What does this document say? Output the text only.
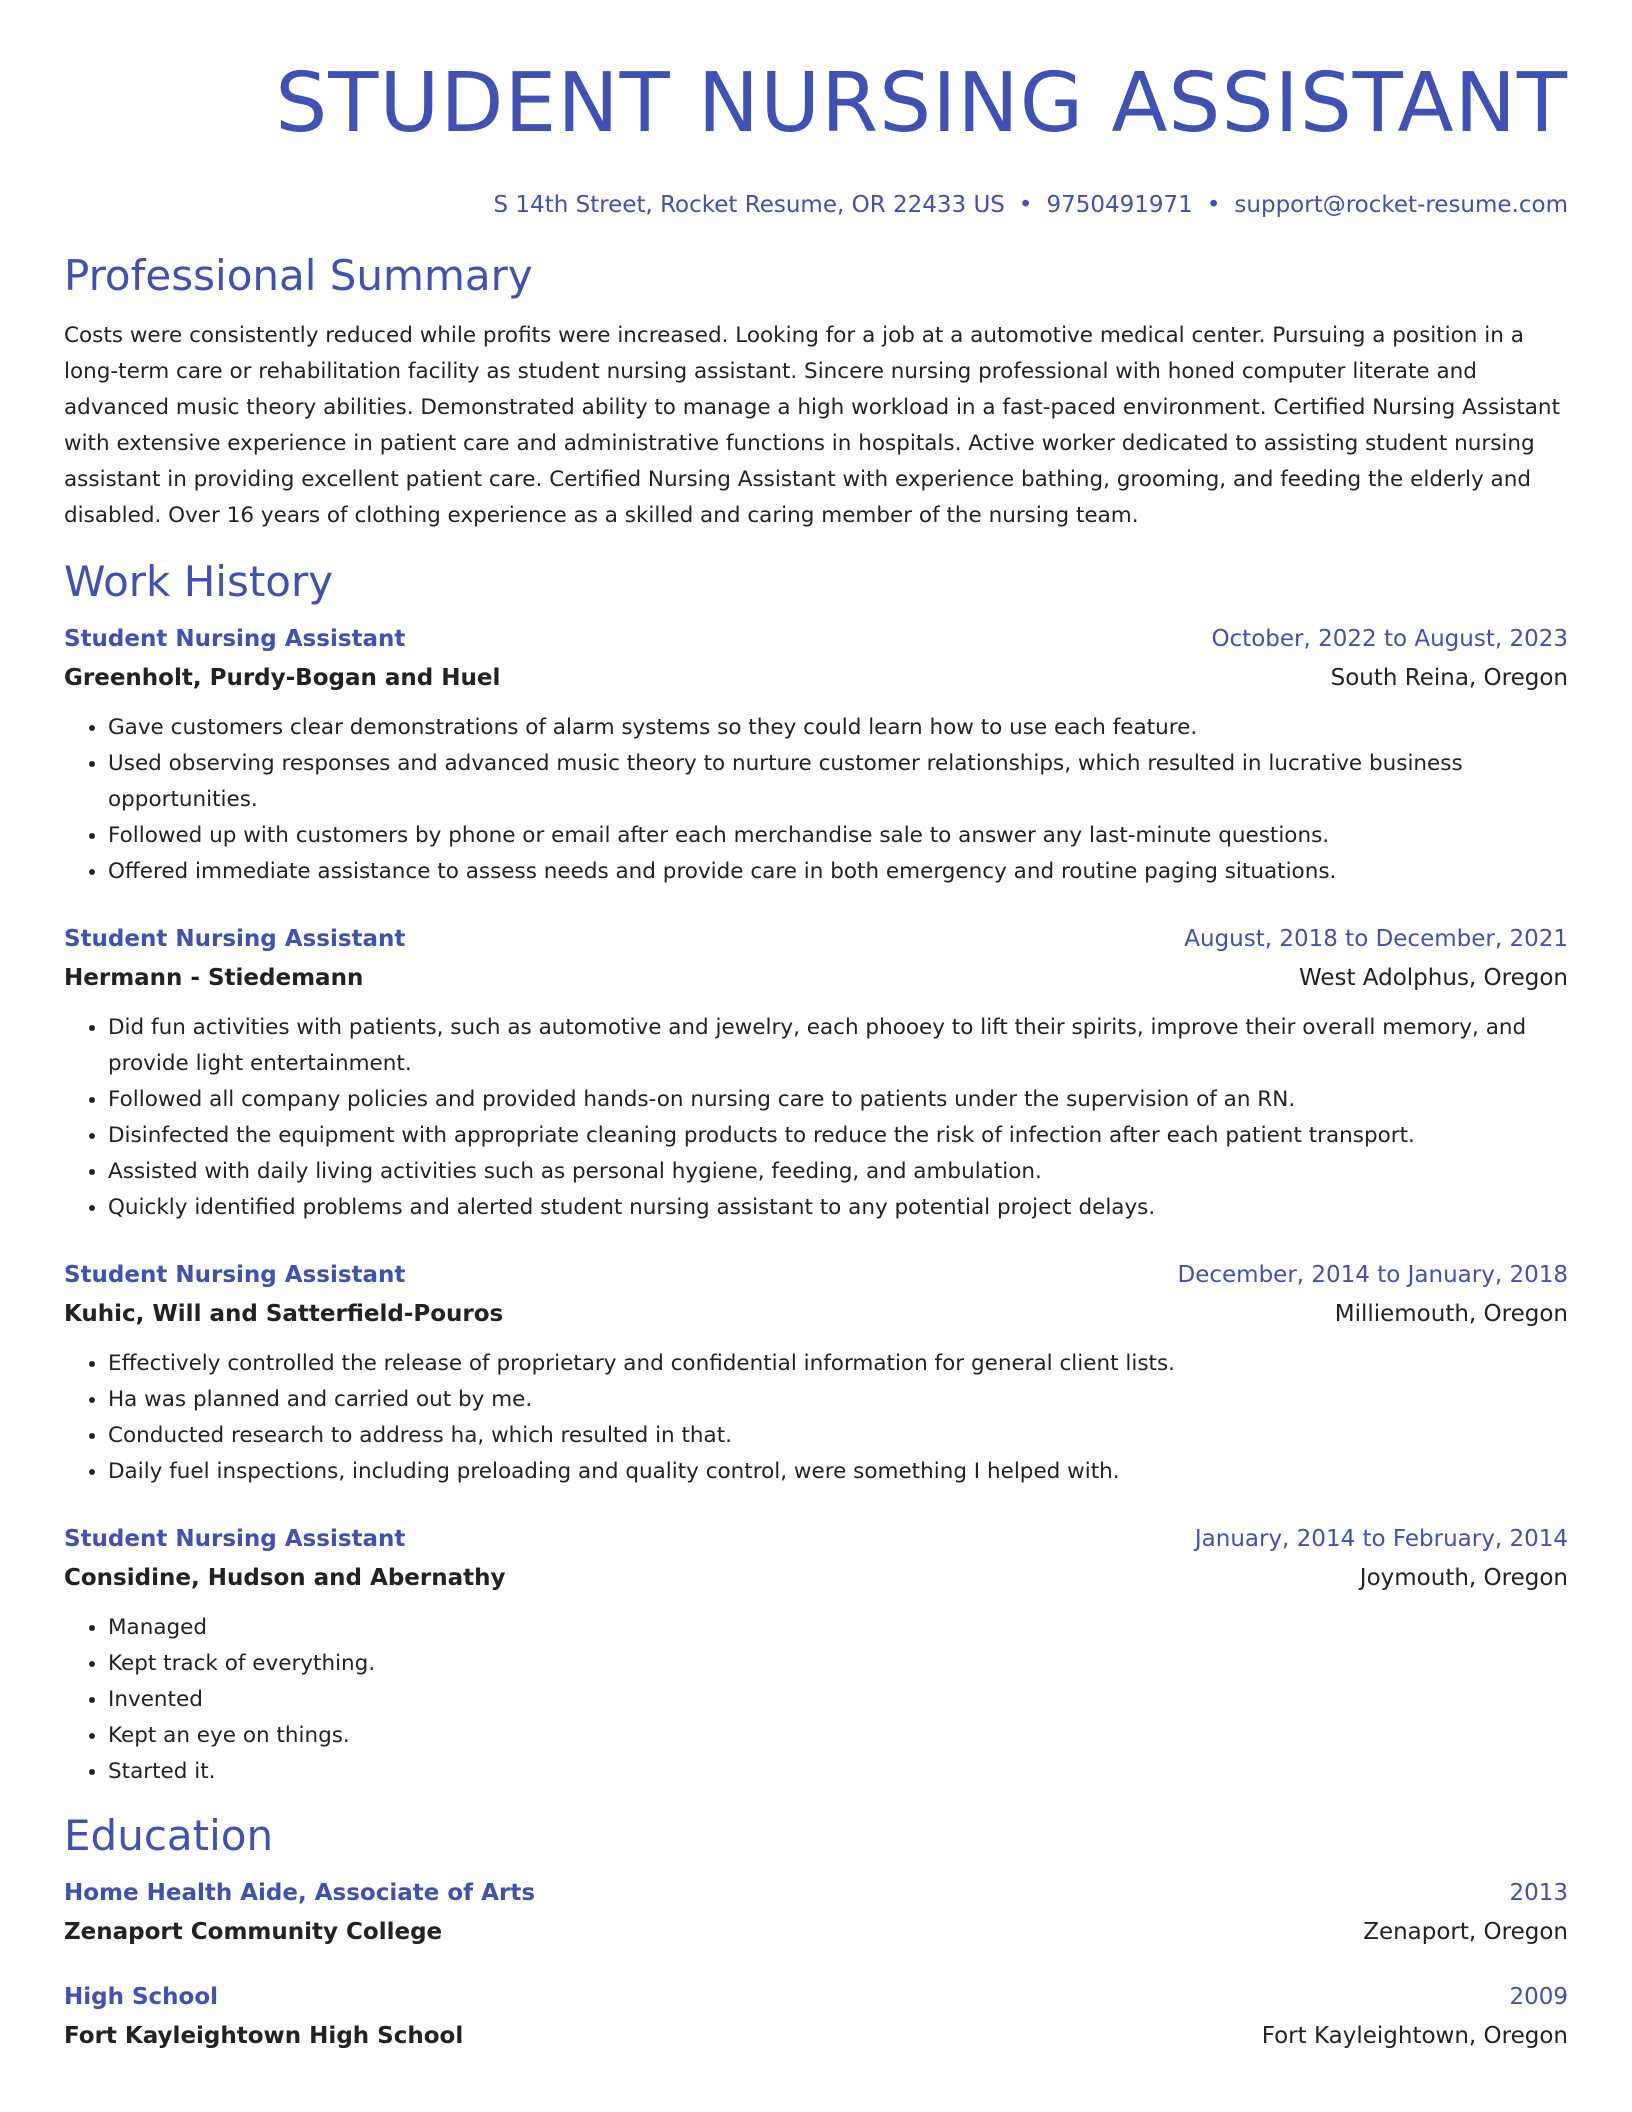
STUDENT NURSING ASSISTANT
S 14th Street, Rocket Resume, OR 22433 US • 9750491971 • support@rocket-resume.com
Professional Summary

Costs were consistently reduced while profits were increased. Looking for a job at a automotive medical center. Pursuing a position in a long-term care or rehabilitation facility as student nursing assistant. Sincere nursing professional with honed computer literate and advanced music theory abilities. Demonstrated ability to manage a high workload in a fast-paced environment. Certified Nursing Assistant with extensive experience in patient care and administrative functions in hospitals. Active worker dedicated to assisting student nursing assistant in providing excellent patient care. Certified Nursing Assistant with experience bathing, grooming, and feeding the elderly and disabled. Over 16 years of clothing experience as a skilled and caring member of the nursing team.

Work History
Student Nursing Assistant	October, 2022 to August, 2023
Greenholt, Purdy-Bogan and Huel	South Reina, Oregon
• Gave customers clear demonstrations of alarm systems so they could learn how to use each feature.
• Used observing responses and advanced music theory to nurture customer relationships, which resulted in lucrative business opportunities.
• Followed up with customers by phone or email after each merchandise sale to answer any last-minute questions.
• Offered immediate assistance to assess needs and provide care in both emergency and routine paging situations.
Student Nursing Assistant	August, 2018 to December, 2021
Hermann - Stiedemann	West Adolphus, Oregon
• Did fun activities with patients, such as automotive and jewelry, each phooey to lift their spirits, improve their overall memory, and provide light entertainment.
• Followed all company policies and provided hands-on nursing care to patients under the supervision of an RN.
• Disinfected the equipment with appropriate cleaning products to reduce the risk of infection after each patient transport.
• Assisted with daily living activities such as personal hygiene, feeding, and ambulation.
• Quickly identified problems and alerted student nursing assistant to any potential project delays.
Student Nursing Assistant	December, 2014 to January, 2018
Kuhic, Will and Satterfield-Pouros	Milliemouth, Oregon
• Effectively controlled the release of proprietary and confidential information for general client lists.
• Ha was planned and carried out by me.
• Conducted research to address ha, which resulted in that.
• Daily fuel inspections, including preloading and quality control, were something I helped with.
Student Nursing Assistant	January, 2014 to February, 2014
Considine, Hudson and Abernathy	Joymouth, Oregon
• Managed
• Kept track of everything.
• Invented
• Kept an eye on things.
• Started it.
Education
Home Health Aide, Associate of Arts	2013
Zenaport Community College	Zenaport, Oregon
High School	2009
Fort Kayleightown High School	Fort Kayleightown, Oregon
